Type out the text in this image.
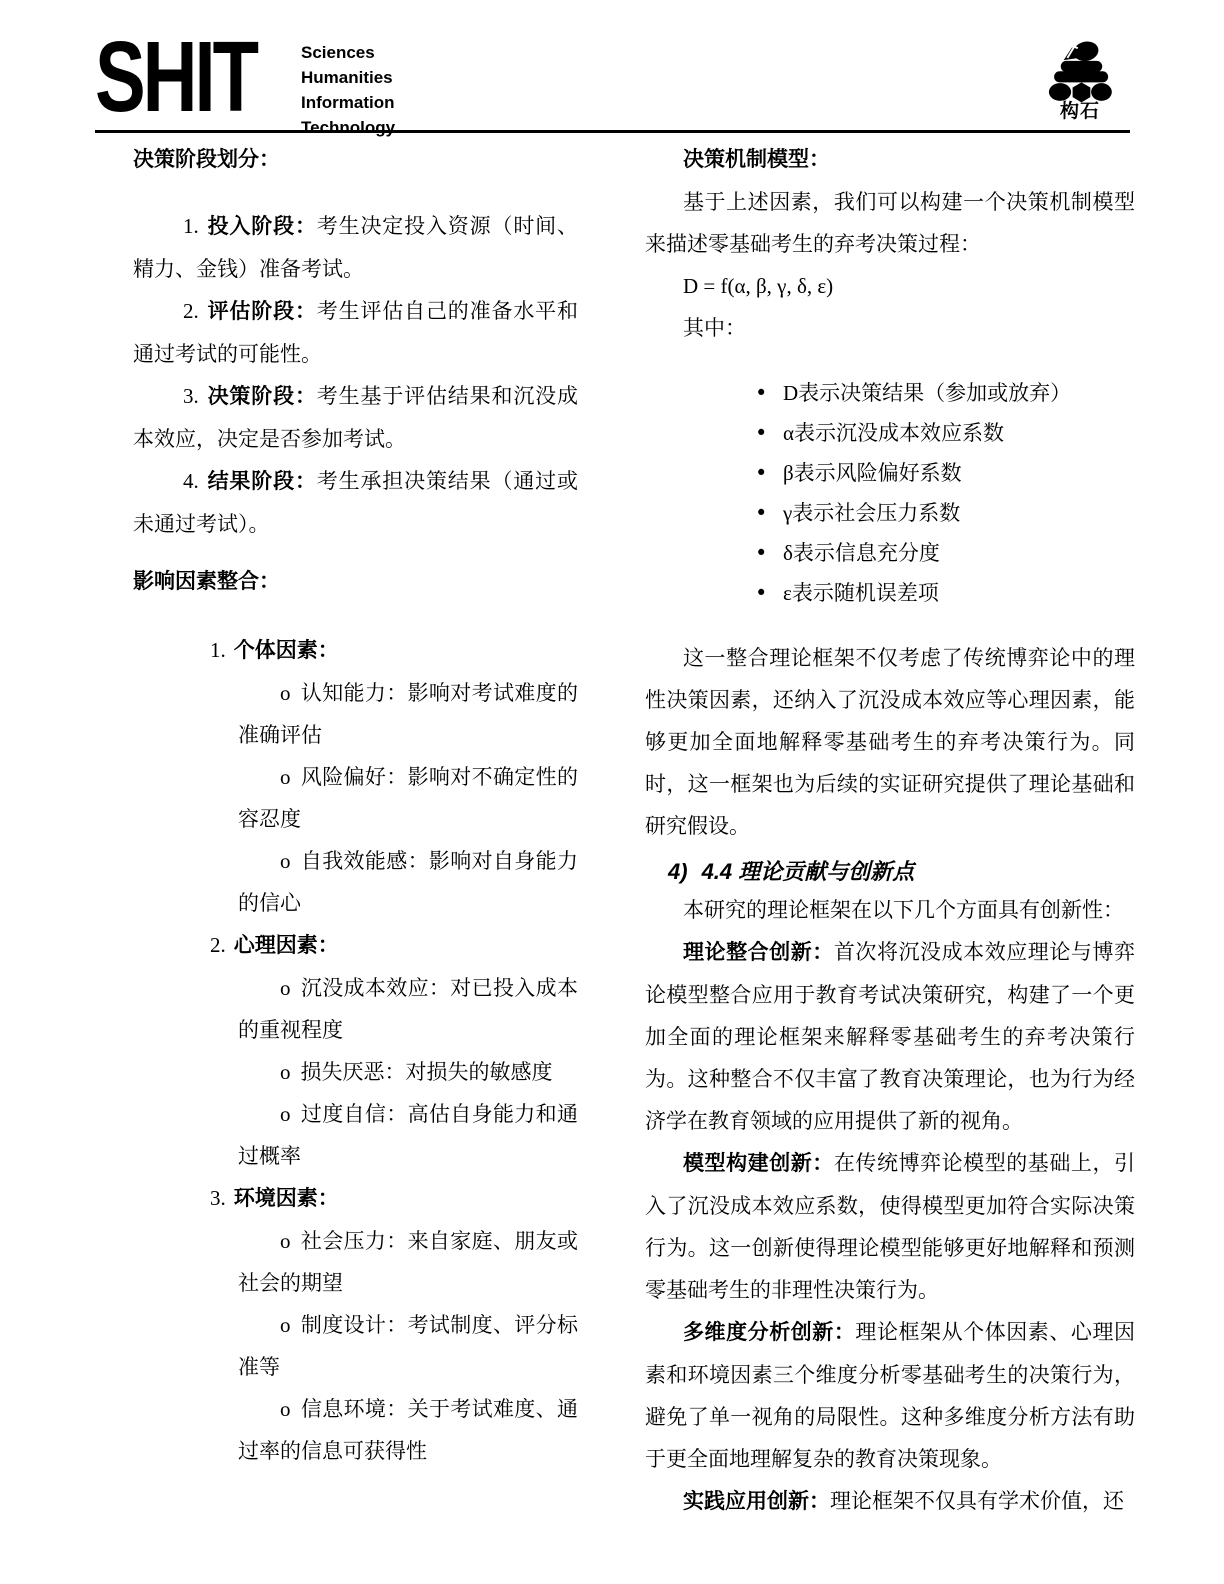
SHIT	Sciences
Humanities
Information
Technology
构石

决策阶段划分：

1. 投入阶段：考生决定投入资源（时间、精力、金钱）准备考试。

2. 评估阶段：考生评估自己的准备水平和通过考试的可能性。

3. 决策阶段：考生基于评估结果和沉没成本效应，决定是否参加考试。

4. 结果阶段：考生承担决策结果（通过或未通过考试）。

影响因素整合：

1. 个体因素：

o 认知能力：影响对考试难度的准确评估

o 风险偏好：影响对不确定性的容忍度

o 自我效能感：影响对自身能力的信心

2. 心理因素：

o 沉没成本效应：对已投入成本的重视程度

o 损失厌恶：对损失的敏感度

o 过度自信：高估自身能力和通过概率

3. 环境因素：

o 社会压力：来自家庭、朋友或社会的期望

o 制度设计：考试制度、评分标准等

o 信息环境：关于考试难度、通过率的信息可获得性

决策机制模型：

基于上述因素，我们可以构建一个决策机制模型来描述零基础考生的弃考决策过程：

D = f(α, β, γ, δ, ε)

其中：

• D表示决策结果（参加或放弃）

• α表示沉没成本效应系数

• β表示风险偏好系数

• γ表示社会压力系数

• δ表示信息充分度

• ε表示随机误差项

这一整合理论框架不仅考虑了传统博弈论中的理性决策因素，还纳入了沉没成本效应等心理因素，能够更加全面地解释零基础考生的弃考决策行为。同时，这一框架也为后续的实证研究提供了理论基础和研究假设。

4) 4.4 理论贡献与创新点

本研究的理论框架在以下几个方面具有创新性：

理论整合创新：首次将沉没成本效应理论与博弈论模型整合应用于教育考试决策研究，构建了一个更加全面的理论框架来解释零基础考生的弃考决策行为。这种整合不仅丰富了教育决策理论，也为行为经济学在教育领域的应用提供了新的视角。

模型构建创新：在传统博弈论模型的基础上，引入了沉没成本效应系数，使得模型更加符合实际决策行为。这一创新使得理论模型能够更好地解释和预测零基础考生的非理性决策行为。

多维度分析创新：理论框架从个体因素、心理因素和环境因素三个维度分析零基础考生的决策行为，避免了单一视角的局限性。这种多维度分析方法有助于更全面地理解复杂的教育决策现象。

实践应用创新：理论框架不仅具有学术价值，还
